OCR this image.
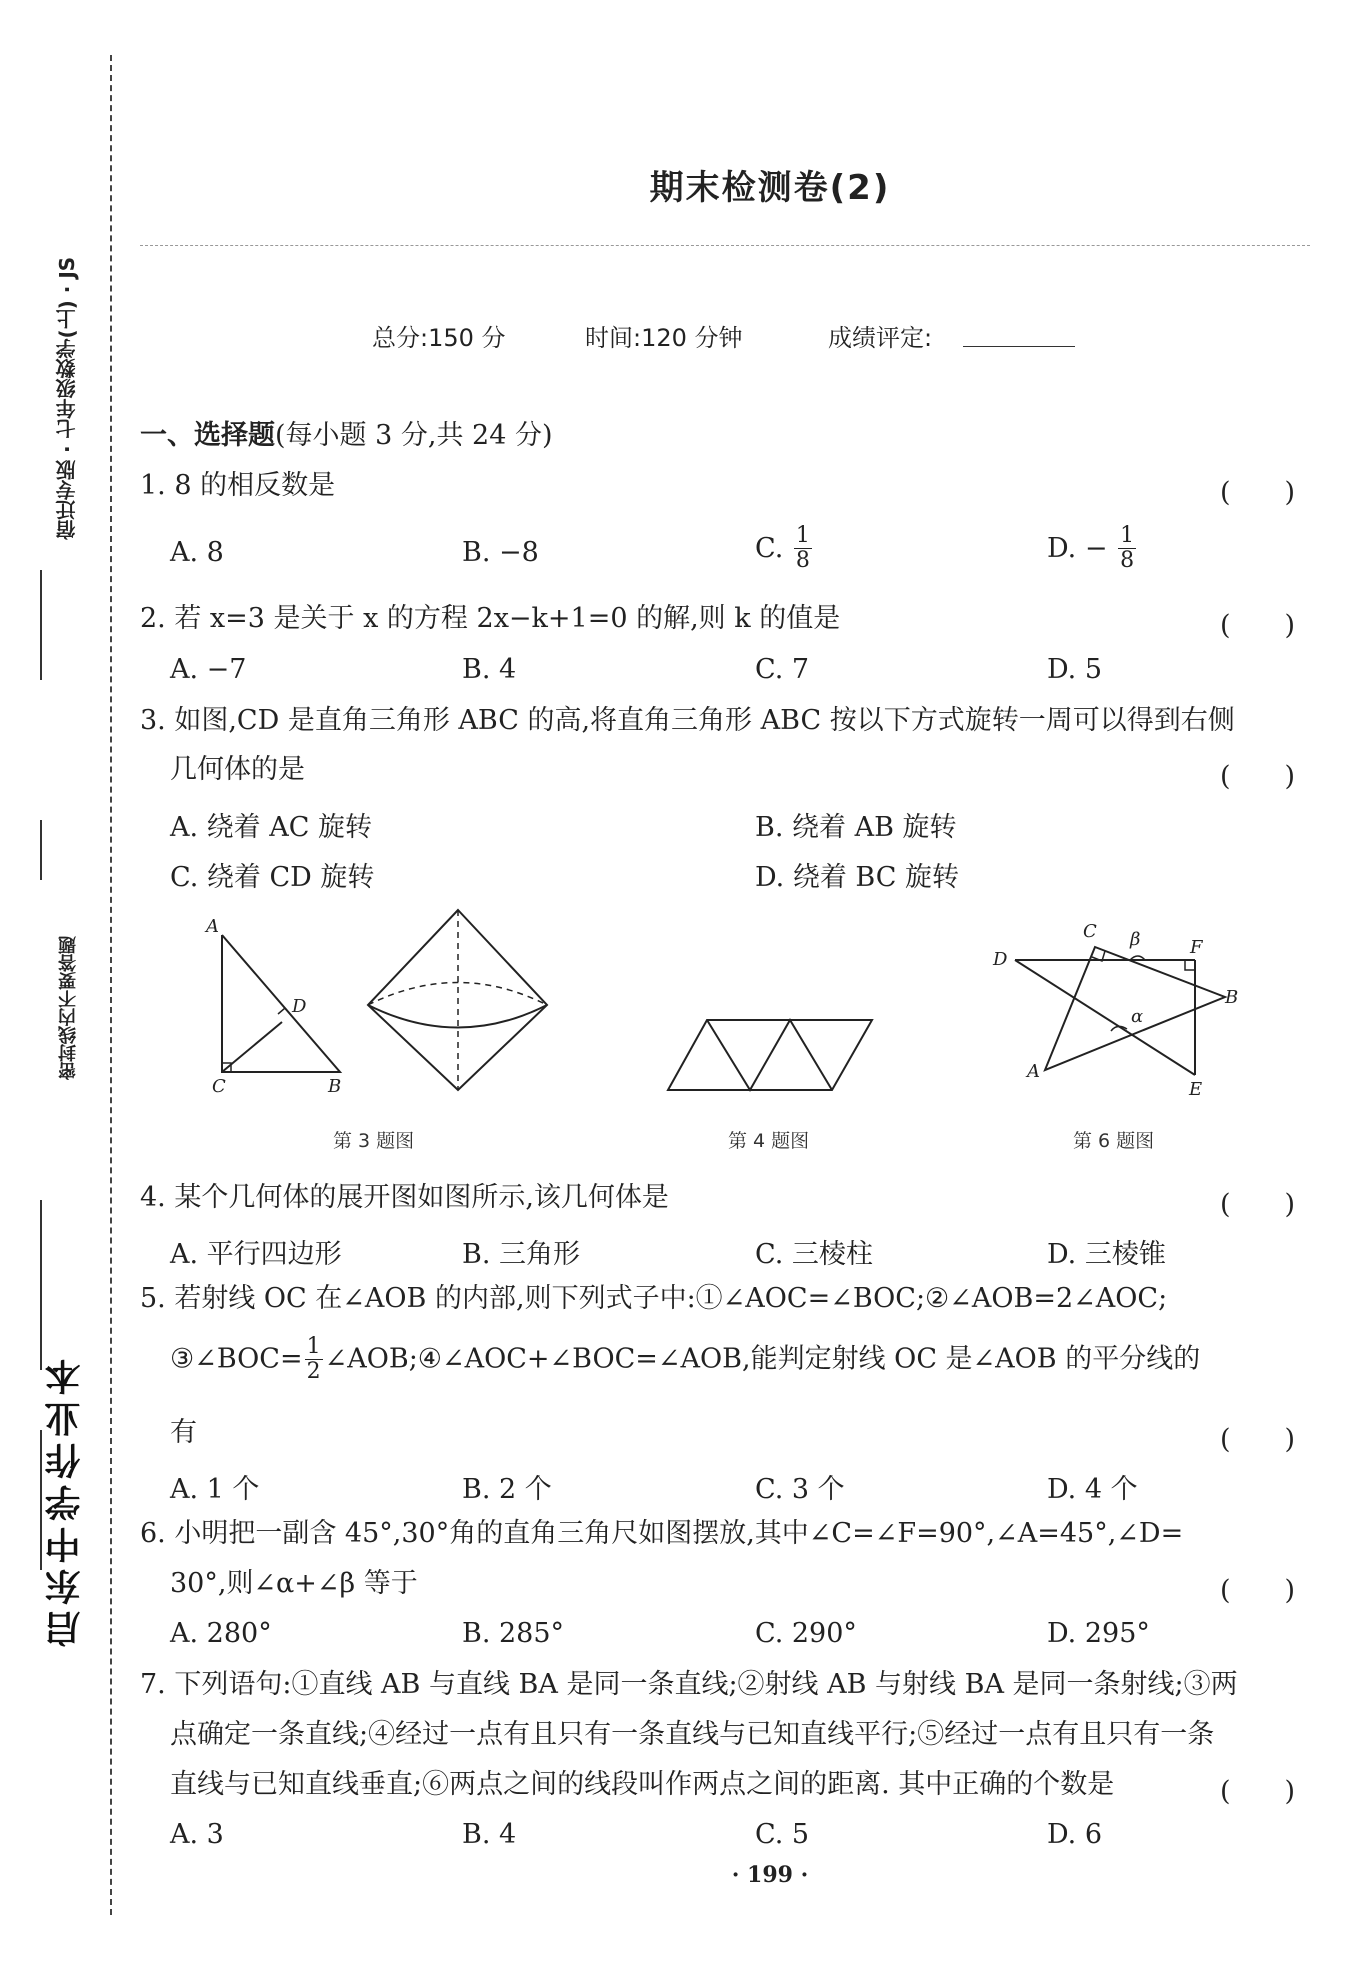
宿迁专版 · 七年级数学(上) · JS
密封线内不要答题
启东中学作业本
期末检测卷(2)
总分:150 分	时间:120 分钟	成绩评定:
一、选择题(每小题 3 分,共 24 分)
1. 8 的相反数是	(　　)
A. 8	B. −8	C. $\frac{1}{8}$	D. − $\frac{1}{8}$
2. 若 x=3 是关于 x 的方程 2x−k+1=0 的解,则 k 的值是	(　　)
A. −7	B. 4	C. 7	D. 5
3. 如图,CD 是直角三角形 ABC 的高,将直角三角形 ABC 按以下方式旋转一周可以得到右侧
几何体的是	(　　)
A. 绕着 AC 旋转	B. 绕着 AB 旋转
C. 绕着 CD 旋转	D. 绕着 BC 旋转
A
D
C	B
C β	F
D
B
α
A
E
第 3 题图	第 4 题图	第 6 题图
4. 某个几何体的展开图如图所示,该几何体是	(　　)
A. 平行四边形	B. 三角形	C. 三棱柱	D. 三棱锥
5. 若射线 OC 在∠AOB 的内部,则下列式子中:①∠AOC=∠BOC;②∠AOB=2∠AOC;
③∠BOC= $\frac{1}{2}$ ∠AOB;④∠AOC+∠BOC=∠AOB,能判定射线 OC 是∠AOB 的平分线的
有	(　　)
A. 1 个	B. 2 个	C. 3 个	D. 4 个
6. 小明把一副含 45°,30°角的直角三角尺如图摆放,其中∠C=∠F=90°,∠A=45°,∠D=
30°,则∠α+∠β 等于	(　　)
A. 280°	B. 285°	C. 290°	D. 295°
7. 下列语句:①直线 AB 与直线 BA 是同一条直线;②射线 AB 与射线 BA 是同一条射线;③两
点确定一条直线;④经过一点有且只有一条直线与已知直线平行;⑤经过一点有且只有一条
直线与已知直线垂直;⑥两点之间的线段叫作两点之间的距离. 其中正确的个数是	(　　)
A. 3	B. 4	C. 5	D. 6
· 199 ·
